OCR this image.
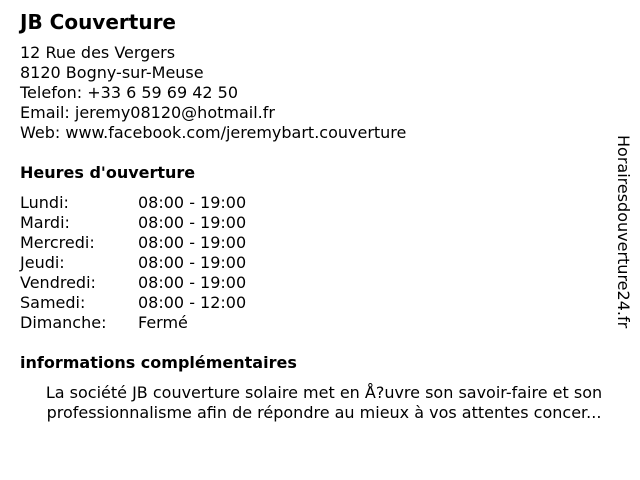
JB Couverture
12 Rue des Vergers
8120 Bogny-sur-Meuse
Telefon: +33 6 59 69 42 50
Email: jeremy08120@hotmail.fr
Web: www.facebook.com/jeremybart.couverture
Heures d'ouverture
Lundi:	08:00 - 19:00
Mardi:	08:00 - 19:00
Mercredi:	08:00 - 19:00
Jeudi:	08:00 - 19:00
Vendredi:	08:00 - 19:00
Samedi:	08:00 - 12:00
Dimanche: Fermé
informations complémentaires
La société JB couverture solaire met en Å?uvre son savoir-faire et son
professionnalisme afin de répondre au mieux à vos attentes concer...
Horairesdouverture24.fr
